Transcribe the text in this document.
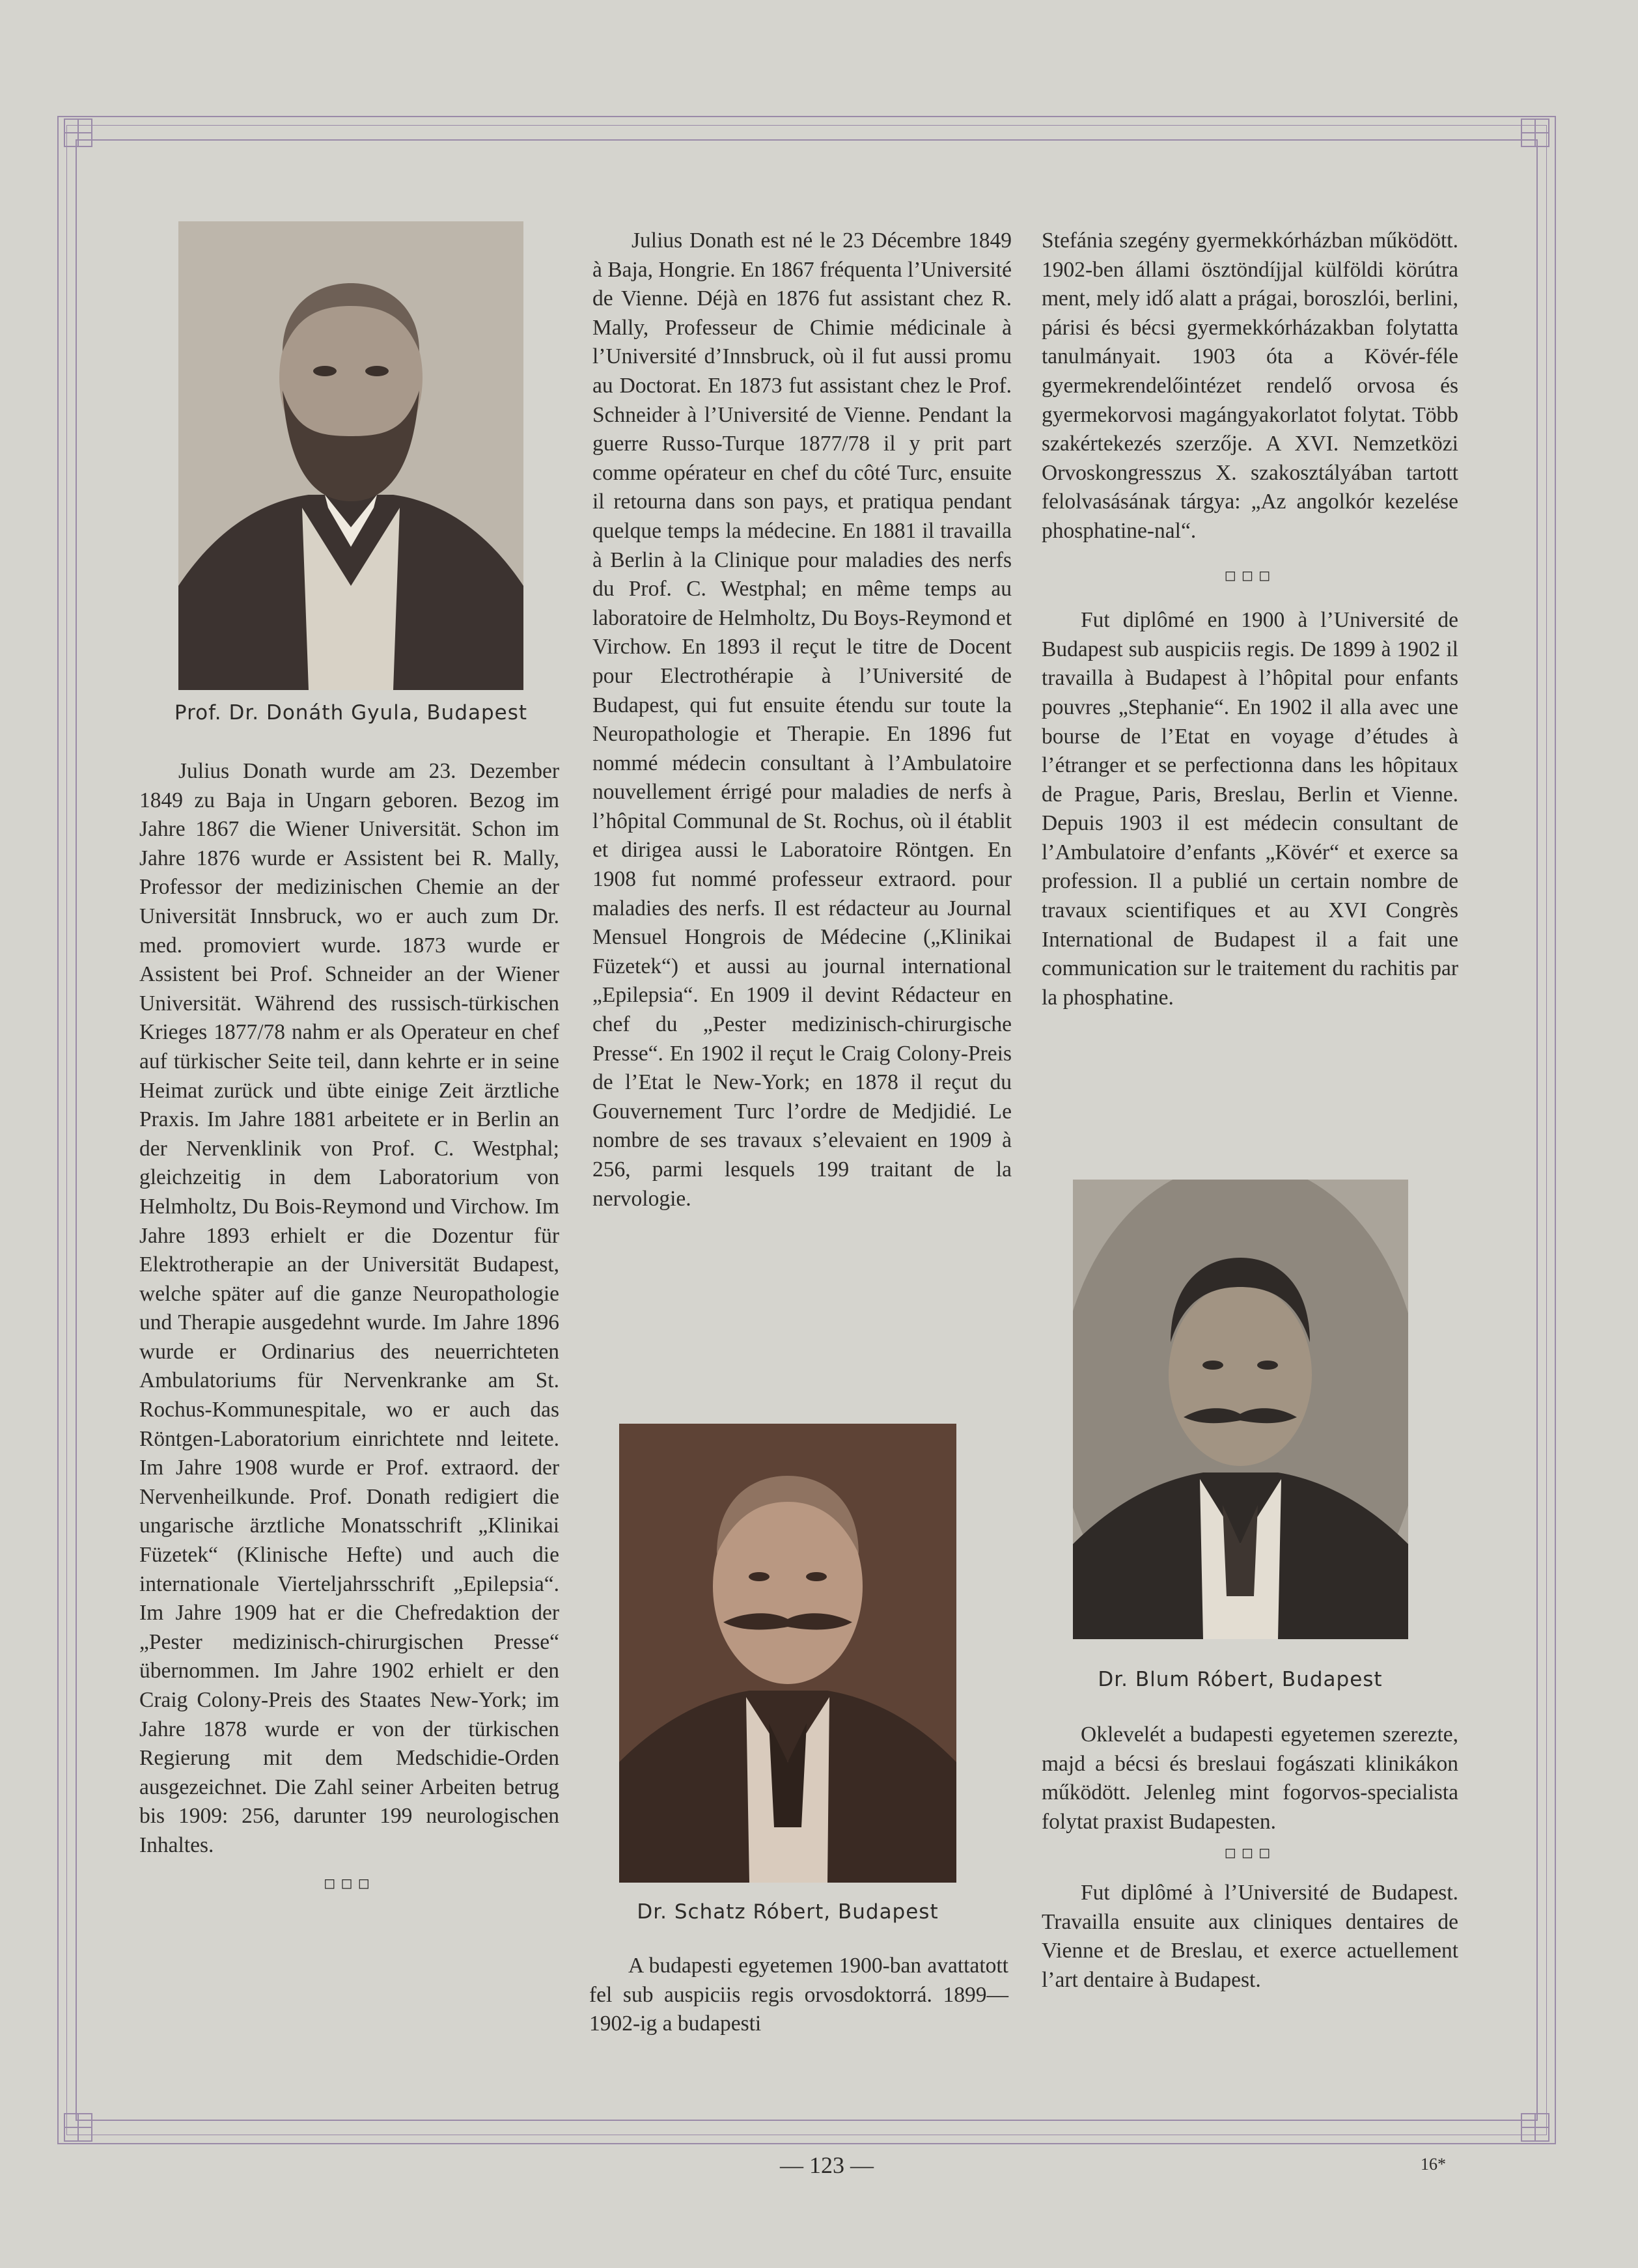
Prof. Dr. Donáth Gyula, Budapest

Julius Donath wurde am 23. Dezember 1849 zu Baja in Ungarn geboren. Bezog im Jahre 1867 die Wiener Universität. Schon im Jahre 1876 wurde er Assistent bei R. Mally, Professor der medizinischen Chemie an der Universität Innsbruck, wo er auch zum Dr. med. promoviert wurde. 1873 wurde er Assistent bei Prof. Schneider an der Wiener Universität. Während des russisch-türkischen Krieges 1877/78 nahm er als Operateur en chef auf türkischer Seite teil, dann kehrte er in seine Heimat zurück und übte einige Zeit ärztliche Praxis. Im Jahre 1881 arbeitete er in Berlin an der Nervenklinik von Prof. C. Westphal; gleichzeitig in dem Laboratorium von Helmholtz, Du Bois-Reymond und Virchow. Im Jahre 1893 erhielt er die Dozentur für Elektrotherapie an der Universität Budapest, welche später auf die ganze Neuropathologie und Therapie ausgedehnt wurde. Im Jahre 1896 wurde er Ordinarius des neuerrichteten Ambulatoriums für Nervenkranke am St. Rochus-Kommunespitale, wo er auch das Röntgen-Laboratorium einrichtete nnd leitete. Im Jahre 1908 wurde er Prof. extraord. der Nervenheilkunde. Prof. Donath redigiert die ungarische ärztliche Monatsschrift „Klinikai Füzetek“ (Klinische Hefte) und auch die internationale Vierteljahrsschrift „Epilepsia“. Im Jahre 1909 hat er die Chefredaktion der „Pester medizinisch-chirurgischen Presse“ übernommen. Im Jahre 1902 erhielt er den Craig Colony-Preis des Staates New-York; im Jahre 1878 wurde er von der türkischen Regierung mit dem Medschidie-Orden ausgezeichnet. Die Zahl seiner Arbeiten betrug bis 1909: 256, darunter 199 neurologischen Inhaltes.

◻◻◻

Julius Donath est né le 23 Décembre 1849 à Baja, Hongrie. En 1867 fréquenta l’Université de Vienne. Déjà en 1876 fut assistant chez R. Mally, Professeur de Chimie médicinale à l’Université d’Innsbruck, où il fut aussi promu au Doctorat. En 1873 fut assistant chez le Prof. Schneider à l’Université de Vienne. Pendant la guerre Russo-Turque 1877/78 il y prit part comme opérateur en chef du côté Turc, ensuite il retourna dans son pays, et pratiqua pendant quelque temps la médecine. En 1881 il travailla à Berlin à la Clinique pour maladies des nerfs du Prof. C. Westphal; en même temps au laboratoire de Helmholtz, Du Boys-Reymond et Virchow. En 1893 il reçut le titre de Docent pour Electrothérapie à l’Université de Budapest, qui fut ensuite étendu sur toute la Neuropathologie et Therapie. En 1896 fut nommé médecin consultant à l’Ambulatoire nouvellement érrigé pour maladies de nerfs à l’hôpital Communal de St. Rochus, où il établit et dirigea aussi le Laboratoire Röntgen. En 1908 fut nommé professeur extraord. pour maladies des nerfs. Il est rédacteur au Journal Mensuel Hongrois de Médecine („Klinikai Füzetek“) et aussi au journal international „Epilepsia“. En 1909 il devint Rédacteur en chef du „Pester medizinisch-chirurgische Presse“. En 1902 il reçut le Craig Colony-Preis de l’Etat le New-York; en 1878 il reçut du Gouvernement Turc l’ordre de Medjidié. Le nombre de ses travaux s’elevaient en 1909 à 256, parmi lesquels 199 traitant de la nervologie.

Dr. Schatz Róbert, Budapest

A budapesti egyetemen 1900-ban avattatott fel sub auspiciis regis orvosdoktorrá. 1899—1902-ig a budapesti

Stefánia szegény gyermekkórházban működött. 1902-ben állami ösztöndíjjal külföldi körútra ment, mely idő alatt a prágai, boroszlói, berlini, párisi és bécsi gyermekkórházakban folytatta tanulmányait. 1903 óta a Kövér-féle gyermekrendelőintézet rendelő orvosa és gyermekorvosi magángyakorlatot folytat. Több szakértekezés szerzője. A XVI. Nemzetközi Orvoskongresszus X. szakosztályában tartott felolvasásának tárgya: „Az angolkór kezelése phosphatine-nal“.

◻◻◻

Fut diplômé en 1900 à l’Université de Budapest sub auspiciis regis. De 1899 à 1902 il travailla à Budapest à l’hôpital pour enfants pouvres „Stephanie“. En 1902 il alla avec une bourse de l’Etat en voyage d’études à l’étranger et se perfectionna dans les hôpitaux de Prague, Paris, Breslau, Berlin et Vienne. Depuis 1903 il est médecin consultant de l’Ambulatoire d’enfants „Kövér“ et exerce sa profession. Il a publié un certain nombre de travaux scientifiques et au XVI Congrès International de Budapest il a fait une communication sur le traitement du rachitis par la phosphatine.

Dr. Blum Róbert, Budapest

Oklevelét a budapesti egyetemen szerezte, majd a bécsi és breslaui fogászati klinikákon működött. Jelenleg mint fogorvos-specialista folytat praxist Budapesten.

◻◻◻

Fut diplômé à l’Université de Budapest. Travailla ensuite aux cliniques dentaires de Vienne et de Breslau, et exerce actuellement l’art dentaire à Budapest.

— 123 —	16*
